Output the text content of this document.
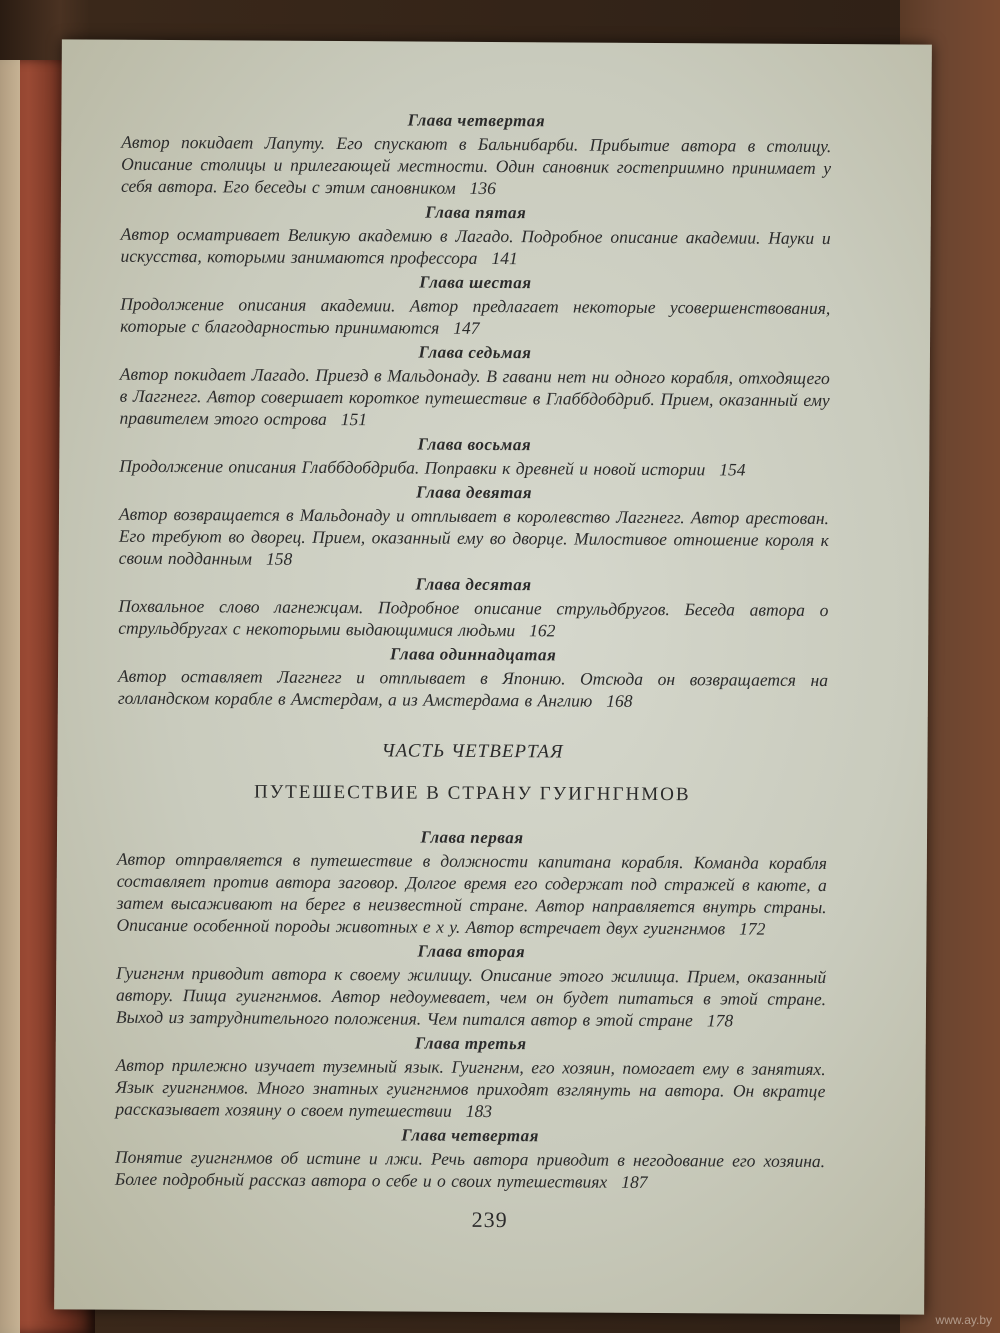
Глава четвертая
Автор покидает Лапуту. Его спускают в Бальнибарби. Прибытие автора в столицу. Описание столицы и прилегающей местности. Один сановник гостеприимно принимает у себя автора. Его беседы с этим сановником 136
Глава пятая
Автор осматривает Великую академию в Лагадо. Подробное описание академии. Науки и искусства, которыми занимаются профессора 141
Глава шестая
Продолжение описания академии. Автор предлагает некоторые усовершенствования, которые с благодарностью принимаются 147
Глава седьмая
Автор покидает Лагадо. Приезд в Мальдонаду. В гавани нет ни одного корабля, отходящего в Лаггнегг. Автор совершает короткое путешествие в Глаббдобдриб. Прием, оказанный ему правителем этого острова 151
Глава восьмая
Продолжение описания Глаббдобдриба. Поправки к древней и новой истории 154
Глава девятая
Автор возвращается в Мальдонаду и отплывает в королевство Лаггнегг. Автор арестован. Его требуют во дворец. Прием, оказанный ему во дворце. Милостивое отношение короля к своим подданным 158
Глава десятая
Похвальное слово лагнежцам. Подробное описание струльдбругов. Беседа автора о струльдбругах с некоторыми выдающимися людьми 162
Глава одиннадцатая
Автор оставляет Лаггнегг и отплывает в Японию. Отсюда он возвращается на голландском корабле в Амстердам, а из Амстердама в Англию 168
ЧАСТЬ ЧЕТВЕРТАЯ
ПУТЕШЕСТВИЕ В СТРАНУ ГУИГНГНМОВ
Глава первая
Автор отправляется в путешествие в должности капитана корабля. Команда корабля составляет против автора заговор. Долгое время его содержат под стражей в каюте, а затем высаживают на берег в неизвестной стране. Автор направляется внутрь страны. Описание особенной породы животных е х у. Автор встречает двух гуигнгнмов 172
Глава вторая
Гуигнгнм приводит автора к своему жилищу. Описание этого жилища. Прием, оказанный автору. Пища гуигнгнмов. Автор недоумевает, чем он будет питаться в этой стране. Выход из затруднительного положения. Чем питался автор в этой стране 178
Глава третья
Автор прилежно изучает туземный язык. Гуигнгнм, его хозяин, помогает ему в занятиях. Язык гуигнгнмов. Много знатных гуигнгнмов приходят взглянуть на автора. Он вкратце рассказывает хозяину о своем путешествии 183
Глава четвертая
Понятие гуигнгнмов об истине и лжи. Речь автора приводит в негодование его хозяина. Более подробный рассказ автора о себе и о своих путешествиях 187
239
www.ay.by
